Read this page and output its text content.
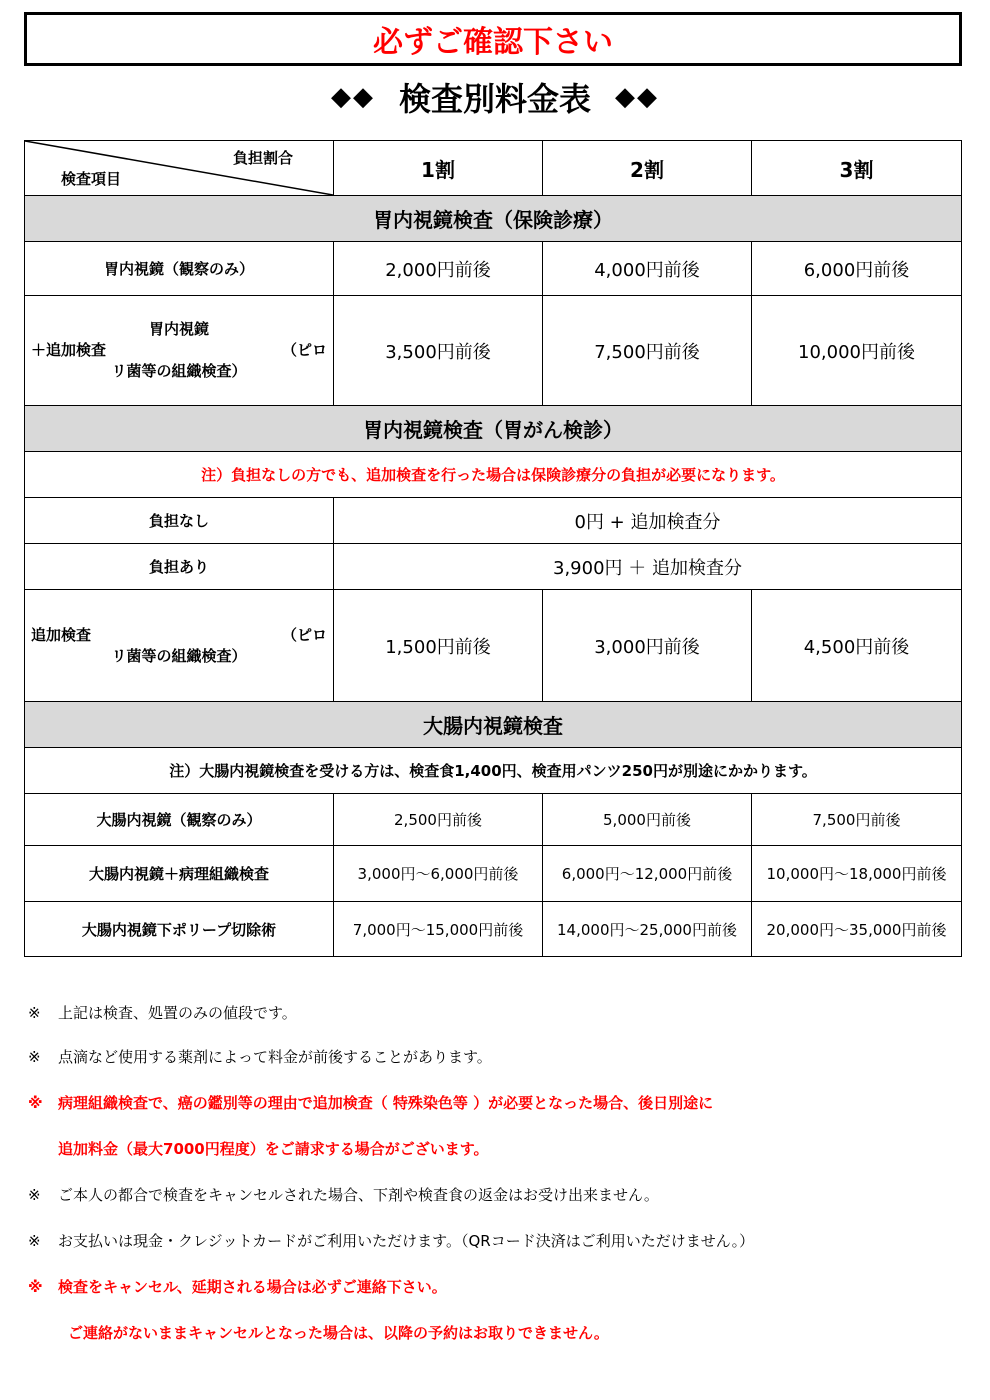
必ずご確認下さい
◆◆ 検査別料金表 ◆◆
負担割合
検査項目	1割	2割	3割
胃内視鏡検査（保険診療）			
胃内視鏡（観察のみ）	2,000円前後	4,000円前後	6,000円前後

胃内視鏡
＋追加検査 （ピロ
リ菌等の組織検査）	3,500円前後	7,500円前後	10,000円前後
胃内視鏡検査（胃がん検診）			
注）負担なしの方でも、追加検査を行った場合は保険診療分の負担が必要になります。			
負担なし	0円 + 追加検査分		
負担あり	3,900円 ＋ 追加検査分		

追加検査 （ピロ
リ菌等の組織検査）	1,500円前後	3,000円前後	4,500円前後
大腸内視鏡検査			
注）大腸内視鏡検査を受ける方は、検査食1,400円、検査用パンツ250円が別途にかかります。			
大腸内視鏡（観察のみ）	2,500円前後	5,000円前後	7,500円前後
大腸内視鏡＋病理組織検査	3,000円～6,000円前後	6,000円～12,000円前後	10,000円～18,000円前後
大腸内視鏡下ポリープ切除術	7,000円～15,000円前後	14,000円～25,000円前後	20,000円～35,000円前後
※ 上記は検査、処置のみの値段です。
※ 点滴など使用する薬剤によって料金が前後することがあります。
※ 病理組織検査で、癌の鑑別等の理由で追加検査（ 特殊染色等 ）が必要となった場合、後日別途に
追加料金（最大7000円程度）をご請求する場合がございます。
※ ご本人の都合で検査をキャンセルされた場合、下剤や検査食の返金はお受け出来ません。
※ お支払いは現金・クレジットカードがご利用いただけます。（QRコード決済はご利用いただけません。）
※ 検査をキャンセル、延期される場合は必ずご連絡下さい。
ご連絡がないままキャンセルとなった場合は、以降の予約はお取りできません。
